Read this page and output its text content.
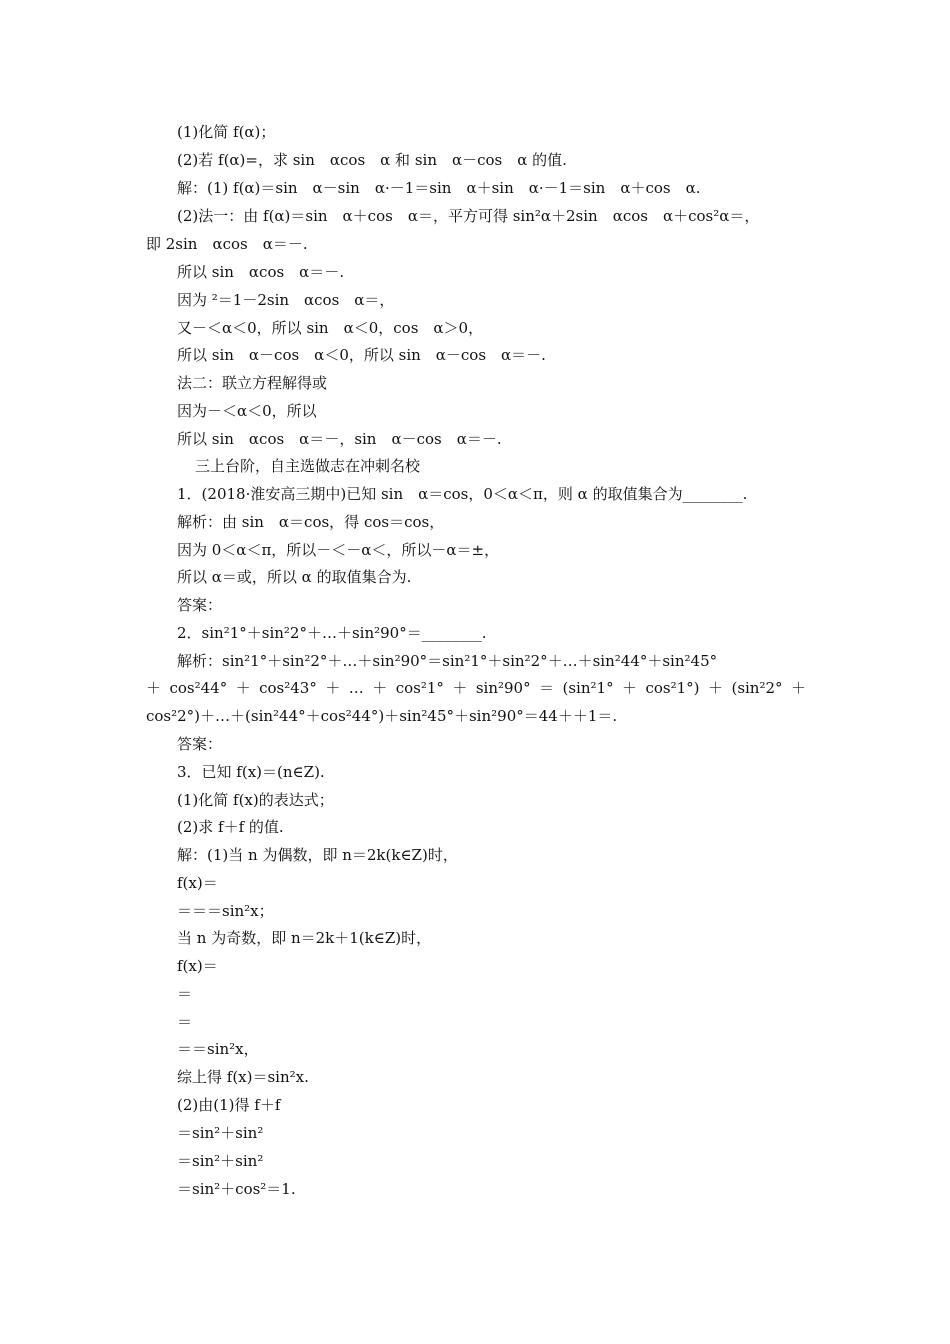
(1)化简 f(α)；
(2)若 f(α)=，求 sin　αcos　α 和 sin　α－cos　α 的值.
解：(1) f(α)＝sin　α－sin　α·－1＝sin　α＋sin　α·－1＝sin　α＋cos　α.
(2)法一：由 f(α)＝sin　α＋cos　α＝，平方可得 sin²α＋2sin　αcos　α＋cos²α＝，
即 2sin　αcos　α＝－.
所以 sin　αcos　α＝－.
因为 ²＝1－2sin　αcos　α＝，
又－＜α＜0，所以 sin　α＜0，cos　α＞0，
所以 sin　α－cos　α＜0，所以 sin　α－cos　α＝－.
法二：联立方程解得或
因为－＜α＜0，所以
所以 sin　αcos　α＝－，sin　α－cos　α＝－.
三上台阶，自主选做志在冲刺名校
1．(2018·淮安高三期中)已知 sin　α＝cos，0＜α＜π，则 α 的取值集合为________.
解析：由 sin　α＝cos，得 cos＝cos，
因为 0＜α＜π，所以－＜－α＜，所以－α＝±，
所以 α＝或，所以 α 的取值集合为.
答案：
2．sin²1°＋sin²2°＋…＋sin²90°＝________.
解析：sin²1°＋sin²2°＋…＋sin²90°＝sin²1°＋sin²2°＋…＋sin²44°＋sin²45°
＋cos²44°＋cos²43°＋…＋cos²1°＋sin²90°＝(sin²1°＋cos²1°)＋(sin²2°＋
cos²2°)＋…＋(sin²44°＋cos²44°)＋sin²45°＋sin²90°＝44＋＋1＝.
答案：
3．已知 f(x)＝(n∈Z).
(1)化简 f(x)的表达式；
(2)求 f＋f 的值.
解：(1)当 n 为偶数，即 n＝2k(k∈Z)时，
f(x)＝
＝＝＝sin²x；
当 n 为奇数，即 n＝2k＋1(k∈Z)时，
f(x)＝
＝
＝
＝＝sin²x，
综上得 f(x)＝sin²x.
(2)由(1)得 f＋f
＝sin²＋sin²
＝sin²＋sin²
＝sin²＋cos²＝1.
